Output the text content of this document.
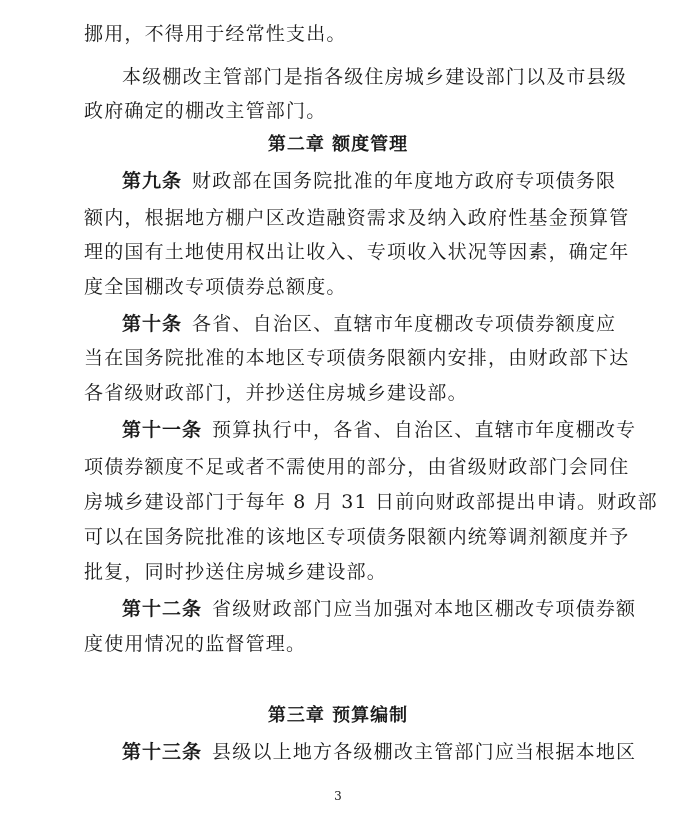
挪用，不得用于经常性支出。
本级棚改主管部门是指各级住房城乡建设部门以及市县级
政府确定的棚改主管部门。
第二章 额度管理
第九条 财政部在国务院批准的年度地方政府专项债务限
额内，根据地方棚户区改造融资需求及纳入政府性基金预算管
理的国有土地使用权出让收入、专项收入状况等因素，确定年
度全国棚改专项债券总额度。
第十条 各省、自治区、直辖市年度棚改专项债券额度应
当在国务院批准的本地区专项债务限额内安排，由财政部下达
各省级财政部门，并抄送住房城乡建设部。
第十一条 预算执行中，各省、自治区、直辖市年度棚改专
项债券额度不足或者不需使用的部分，由省级财政部门会同住
房城乡建设部门于每年 8 月 31 日前向财政部提出申请。财政部
可以在国务院批准的该地区专项债务限额内统筹调剂额度并予
批复，同时抄送住房城乡建设部。
第十二条 省级财政部门应当加强对本地区棚改专项债券额
度使用情况的监督管理。
第三章 预算编制
第十三条 县级以上地方各级棚改主管部门应当根据本地区
3
